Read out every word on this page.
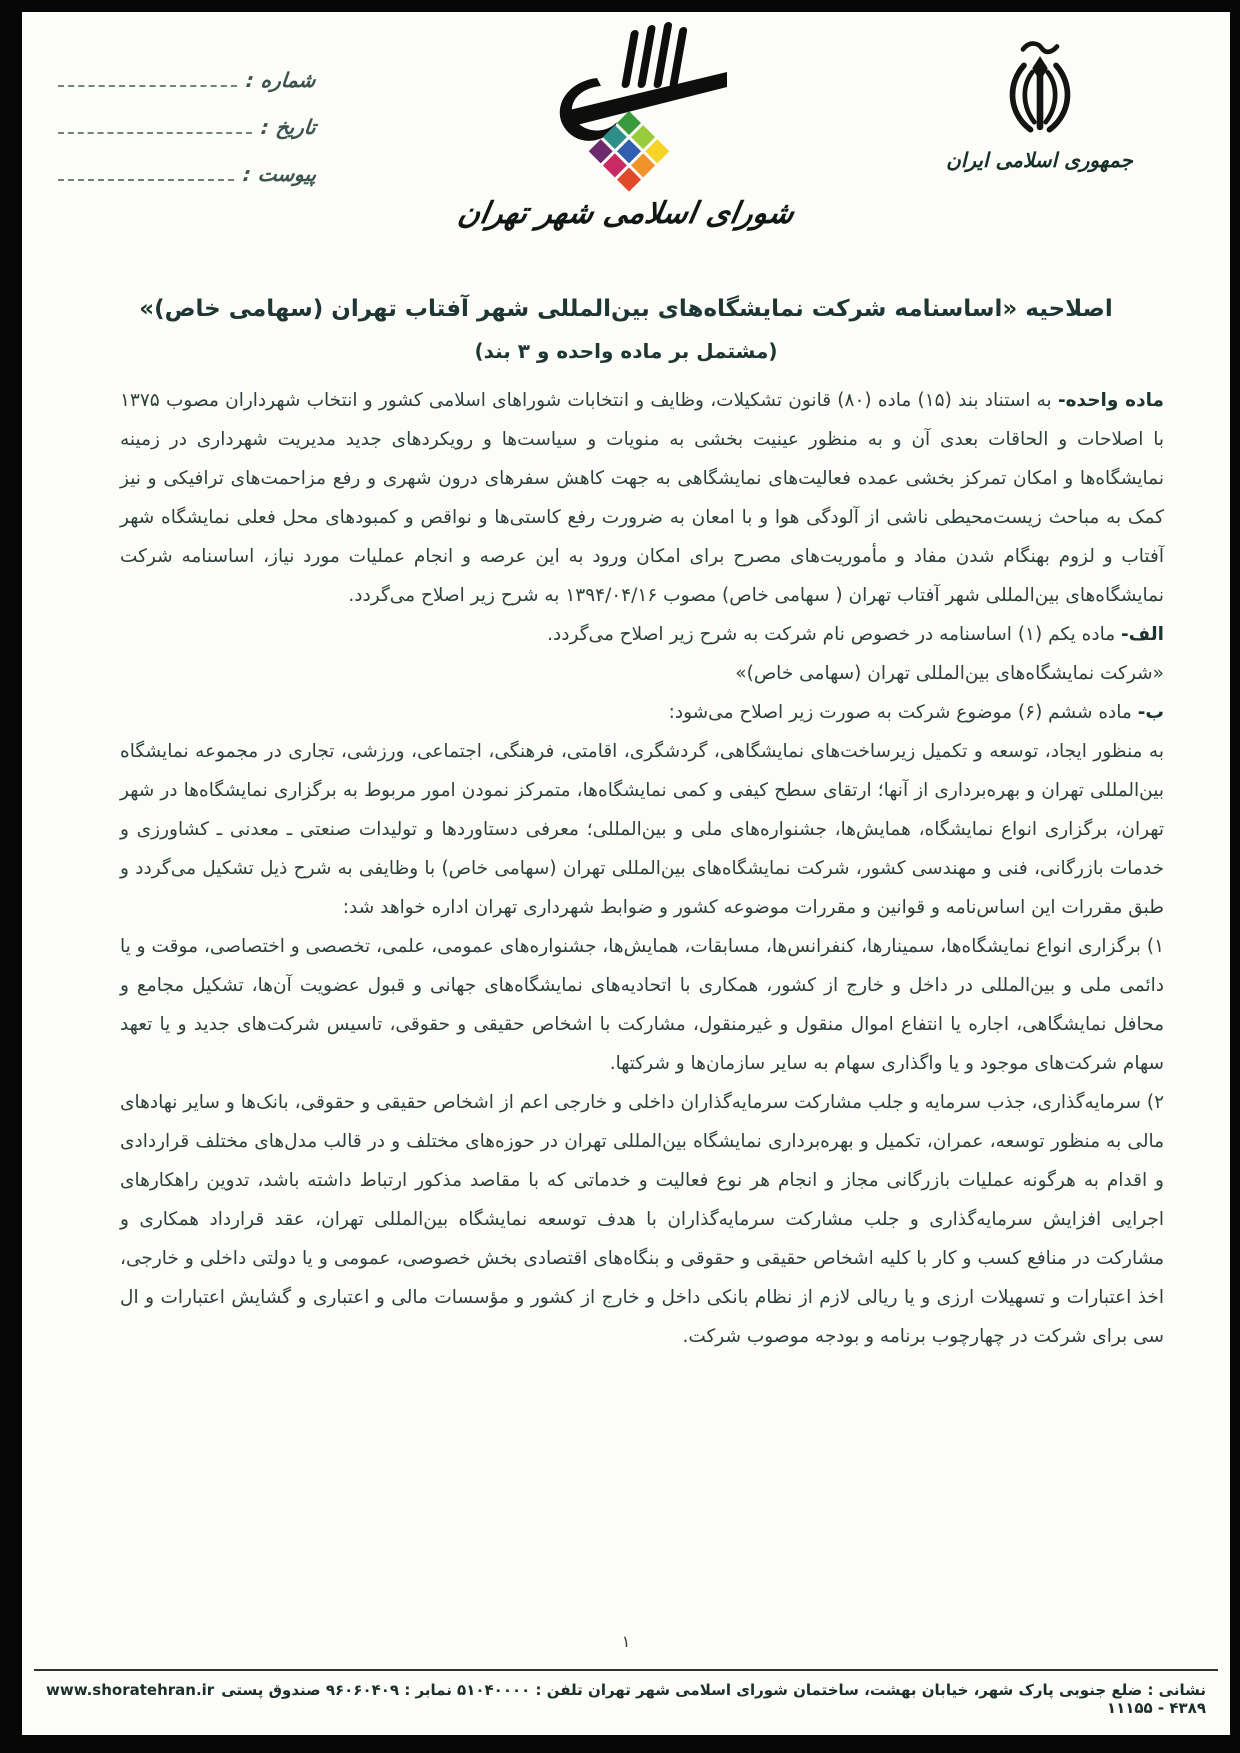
جمهوری اسلامی ایران
شورای اسلامی شهر تهران
شماره :
تاریخ :
پیوست :
اصلاحیه «اساسنامه شرکت نمایشگاه‌های بین‌المللی شهر آفتاب تهران (سهامی خاص)»
(مشتمل بر ماده واحده و ۳ بند)

ماده واحده- به استناد بند (۱۵) ماده (۸۰) قانون تشکیلات، وظایف و انتخابات شوراهای اسلامی کشور و انتخاب شهرداران مصوب ۱۳۷۵ با اصلاحات و الحاقات بعدی آن و به منظور عینیت بخشی به منویات و سیاست‌ها و رویکردهای جدید مدیریت شهرداری در زمینه نمایشگاه‌ها و امکان تمرکز بخشی عمده فعالیت‌های نمایشگاهی به جهت کاهش سفرهای درون شهری و رفع مزاحمت‌های ترافیکی و نیز کمک به مباحث زیست‌محیطی ناشی از آلودگی هوا و با امعان به ضرورت رفع کاستی‌ها و نواقص و کمبودهای محل فعلی نمایشگاه شهر آفتاب و لزوم بهنگام شدن مفاد و مأموریت‌های مصرح برای امکان ورود به این عرصه و انجام عملیات مورد نیاز، اساسنامه شرکت نمایشگاه‌های بین‌المللی شهر آفتاب تهران ( سهامی خاص) مصوب ۱۳۹۴/۰۴/۱۶ به شرح زیر اصلاح می‌گردد.

الف- ماده یکم (۱) اساسنامه در خصوص نام شرکت به شرح زیر اصلاح می‌گردد.

«شرکت نمایشگاه‌های بین‌المللی تهران (سهامی خاص)»

ب- ماده ششم (۶) موضوع شرکت به صورت زیر اصلاح می‌شود:

به منظور ایجاد، توسعه و تکمیل زیرساخت‌های نمایشگاهی، گردشگری، اقامتی، فرهنگی، اجتماعی، ورزشی، تجاری در مجموعه نمایشگاه بین‌المللی تهران و بهره‌برداری از آنها؛ ارتقای سطح کیفی و کمی نمایشگاه‌ها، متمرکز نمودن امور مربوط به برگزاری نمایشگاه‌ها در شهر تهران، برگزاری انواع نمایشگاه، همایش‌ها، جشنواره‌های ملی و بین‌المللی؛ معرفی دستاوردها و تولیدات صنعتی ـ معدنی ـ کشاورزی و خدمات بازرگانی، فنی و مهندسی کشور، شرکت نمایشگاه‌های بین‌المللی تهران (سهامی خاص) با وظایفی به شرح ذیل تشکیل می‌گردد و طبق مقررات این اساس‌نامه و قوانین و مقررات موضوعه کشور و ضوابط شهرداری تهران اداره خواهد شد:

۱) برگزاری انواع نمایشگاه‌ها، سمینارها، کنفرانس‌ها، مسابقات، همایش‌ها، جشنواره‌های عمومی، علمی، تخصصی و اختصاصی، موقت و یا دائمی ملی و بین‌المللی در داخل و خارج از کشور، همکاری با اتحادیه‌های نمایشگاه‌های جهانی و قبول عضویت آن‌ها، تشکیل مجامع و محافل نمایشگاهی، اجاره یا انتفاع اموال منقول و غیرمنقول، مشارکت با اشخاص حقیقی و حقوقی، تاسیس شرکت‌های جدید و یا تعهد سهام شرکت‌های موجود و یا واگذاری سهام به سایر سازمان‌ها و شرکتها.

۲) سرمایه‌گذاری، جذب سرمایه و جلب مشارکت سرمایه‌گذاران داخلی و خارجی اعم از اشخاص حقیقی و حقوقی، بانک‌ها و سایر نهادهای مالی به منظور توسعه، عمران، تکمیل و بهره‌برداری نمایشگاه بین‌المللی تهران در حوزه‌های مختلف و در قالب مدل‌های مختلف قراردادی و اقدام به هرگونه عملیات بازرگانی مجاز و انجام هر نوع فعالیت و خدماتی که با مقاصد مذکور ارتباط داشته باشد، تدوین راهکارهای اجرایی افزایش سرمایه‌گذاری و جلب مشارکت سرمایه‌گذاران با هدف توسعه نمایشگاه بین‌المللی تهران، عقد قرارداد همکاری و مشارکت در منافع کسب و کار با کلیه اشخاص حقیقی و حقوقی و بنگاه‌های اقتصادی بخش خصوصی، عمومی و یا دولتی داخلی و خارجی، اخذ اعتبارات و تسهیلات ارزی و یا ریالی لازم از نظام بانکی داخل و خارج از کشور و مؤسسات مالی و اعتباری و گشایش اعتبارات و ال سی برای شرکت در چهارچوب برنامه و بودجه موصوب شرکت.

۱
نشانی : ضلع جنوبی پارک شهر، خیابان بهشت، ساختمان شورای اسلامی شهر تهران تلفن : ۵۱۰۴۰۰۰۰ نمابر : ۹۶۰۶۰۴۰۹ صندوق پستی ۴۳۸۹ - ۱۱۱۵۵
www.shoratehran.ir
